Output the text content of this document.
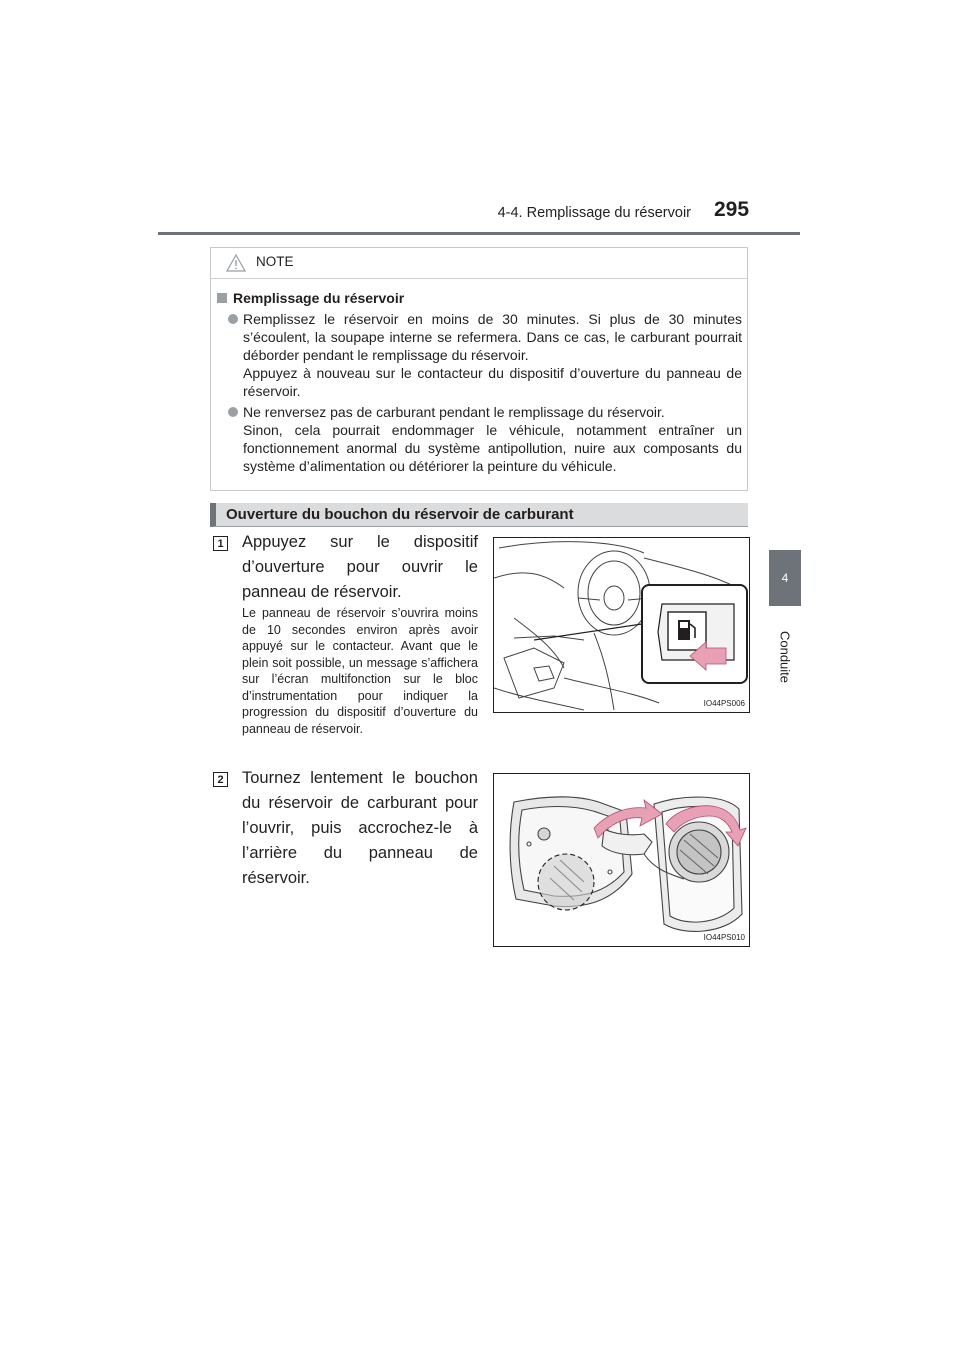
4-4. Remplissage du réservoir 295
4
Conduite
NOTE
Remplissage du réservoir
Remplissez le réservoir en moins de 30 minutes. Si plus de 30 minutes s’écoulent, la soupape interne se refermera. Dans ce cas, le carburant pourrait déborder pendant le remplissage du réservoir.
Appuyez à nouveau sur le contacteur du dispositif d’ouverture du panneau de réservoir.
Ne renversez pas de carburant pendant le remplissage du réservoir.
Sinon, cela pourrait endommager le véhicule, notamment entraîner un fonctionnement anormal du système antipollution, nuire aux composants du système d’alimentation ou détériorer la peinture du véhicule.
Ouverture du bouchon du réservoir de carburant
1 Appuyez sur le dispositif d’ouverture pour ouvrir le panneau de réservoir.
Le panneau de réservoir s’ouvrira moins de 10 secondes environ après avoir appuyé sur le contacteur. Avant que le plein soit possible, un message s’affichera sur l’écran multifonction sur le bloc d’instrumentation pour indiquer la progression du dispositif d’ouverture du panneau de réservoir.
IO44PS006
2 Tournez lentement le bouchon du réservoir de carburant pour l’ouvrir, puis accrochez-le à l’arrière du panneau de réservoir.
IO44PS010
